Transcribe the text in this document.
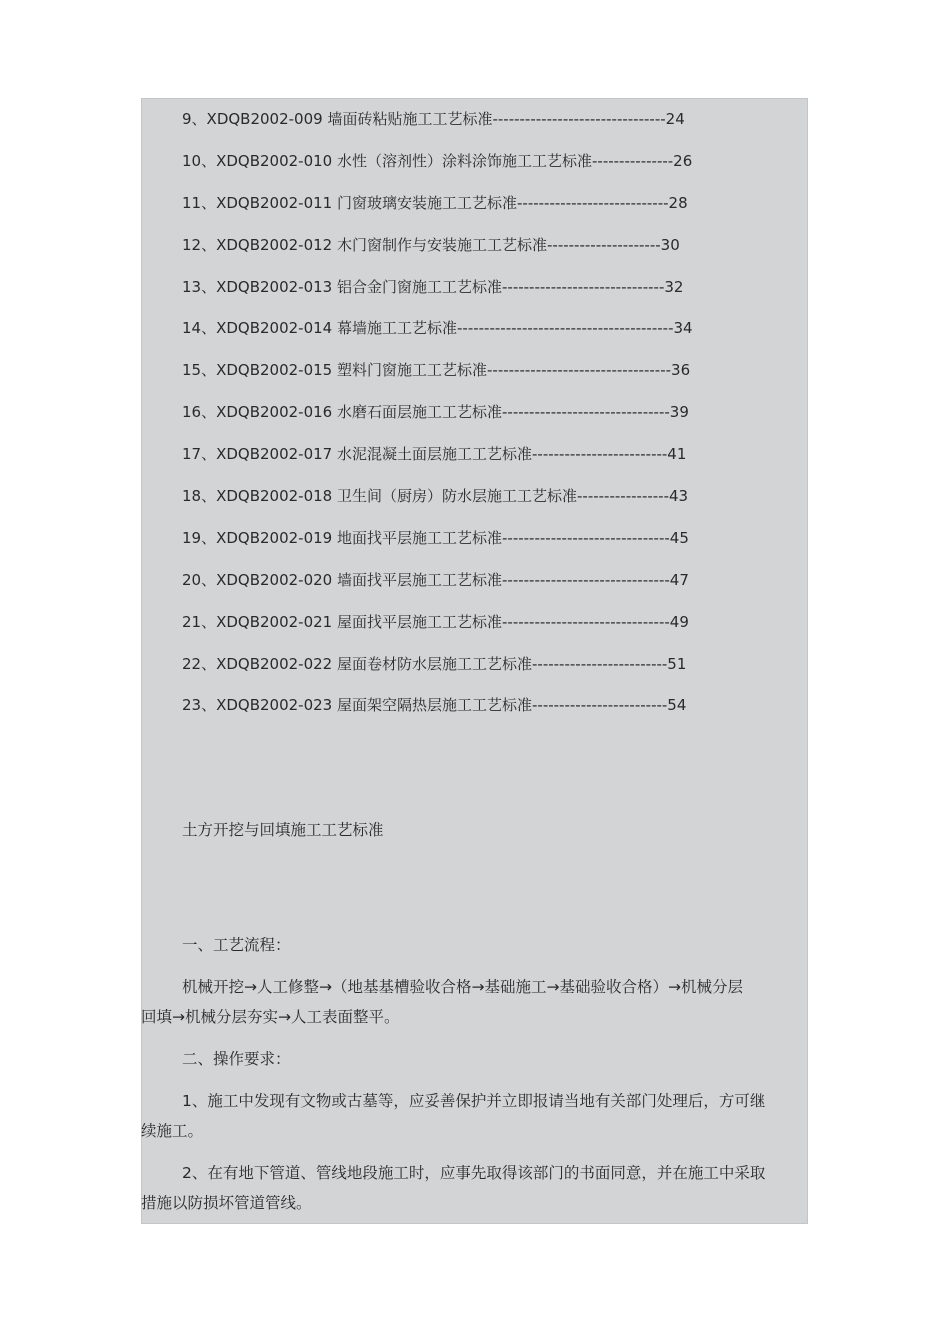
9、XDQB2002-009 墙面砖粘贴施工工艺标准--------------------------------24
10、XDQB2002-010 水性（溶剂性）涂料涂饰施工工艺标准---------------26
11、XDQB2002-011 门窗玻璃安装施工工艺标准----------------------------28
12、XDQB2002-012 木门窗制作与安装施工工艺标准---------------------30
13、XDQB2002-013 铝合金门窗施工工艺标准------------------------------32
14、XDQB2002-014 幕墙施工工艺标准----------------------------------------34
15、XDQB2002-015 塑料门窗施工工艺标准----------------------------------36
16、XDQB2002-016 水磨石面层施工工艺标准-------------------------------39
17、XDQB2002-017 水泥混凝土面层施工工艺标准-------------------------41
18、XDQB2002-018 卫生间（厨房）防水层施工工艺标准-----------------43
19、XDQB2002-019 地面找平层施工工艺标准-------------------------------45
20、XDQB2002-020 墙面找平层施工工艺标准-------------------------------47
21、XDQB2002-021 屋面找平层施工工艺标准-------------------------------49
22、XDQB2002-022 屋面卷材防水层施工工艺标准-------------------------51
23、XDQB2002-023 屋面架空隔热层施工工艺标准-------------------------54

土方开挖与回填施工工艺标准

一、工艺流程：

机械开挖→人工修整→（地基基槽验收合格→基础施工→基础验收合格）→机械分层
回填→机械分层夯实→人工表面整平。

二、操作要求：

1、施工中发现有文物或古墓等，应妥善保护并立即报请当地有关部门处理后，方可继
续施工。

2、在有地下管道、管线地段施工时，应事先取得该部门的书面同意，并在施工中采取
措施以防损坏管道管线。
